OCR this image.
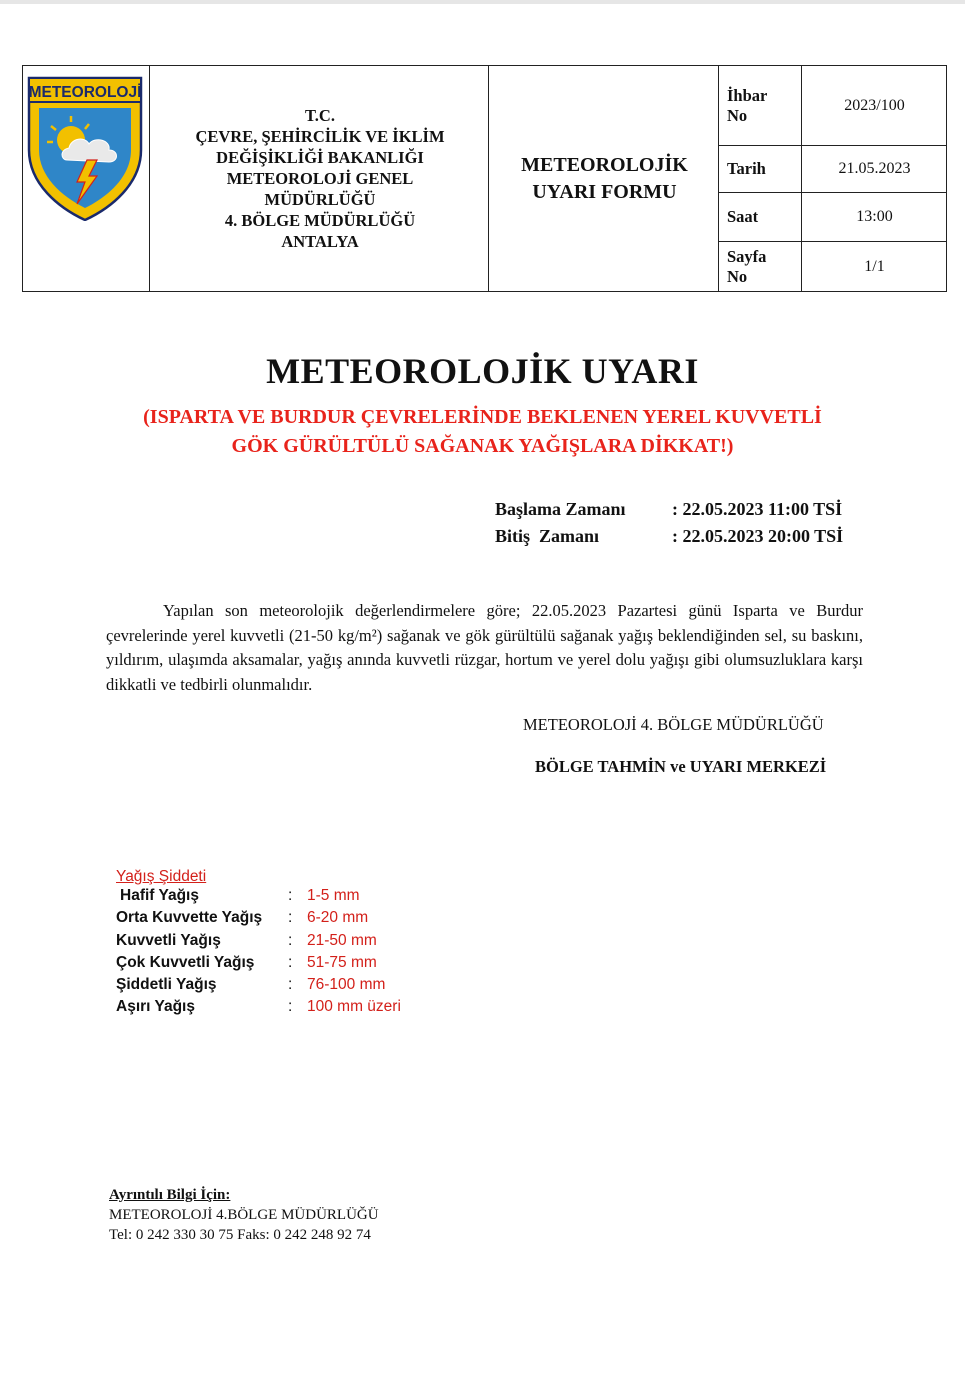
METEOROLOJİ
T.C.
ÇEVRE, ŞEHİRCİLİK VE İKLİM
DEĞİŞİKLİĞİ BAKANLIĞI
METEOROLOJİ GENEL
MÜDÜRLÜĞÜ
4. BÖLGE MÜDÜRLÜĞÜ
ANTALYA
METEOROLOJİK
UYARI FORMU
İhbar
No
2023/100
Tarih	21.05.2023
Saat	13:00
Sayfa
No
1/1
METEOROLOJİK UYARI
(ISPARTA VE BURDUR ÇEVRELERİNDE BEKLENEN YEREL KUVVETLİ
GÖK GÜRÜLTÜLÜ SAĞANAK YAĞIŞLARA DİKKAT!)
Başlama Zamanı	: 22.05.2023 11:00 TSİ
Bitiş  Zamanı	: 22.05.2023 20:00 TSİ
Yapılan son meteorolojik değerlendirmelere göre; 22.05.2023 Pazartesi günü Isparta ve Burdur çevrelerinde yerel kuvvetli (21-50 kg/m²) sağanak ve gök gürültülü sağanak yağış beklendiğinden sel, su baskını, yıldırım, ulaşımda aksamalar, yağış anında kuvvetli rüzgar, hortum ve yerel dolu yağışı gibi olumsuzluklara karşı dikkatli ve tedbirli olunmalıdır.
METEOROLOJİ 4. BÖLGE MÜDÜRLÜĞÜ
BÖLGE TAHMİN ve UYARI MERKEZİ
Yağış Şiddeti
Hafif Yağış	: 1-5 mm
Orta Kuvvette Yağış : 6-20 mm
Kuvvetli Yağış	: 21-50 mm
Çok Kuvvetli Yağış : 51-75 mm
Şiddetli Yağış	: 76-100 mm
Aşırı Yağış	: 100 mm üzeri
Ayrıntılı Bilgi İçin:
METEOROLOJİ 4.BÖLGE MÜDÜRLÜĞÜ
Tel: 0 242 330 30 75 Faks: 0 242 248 92 74
